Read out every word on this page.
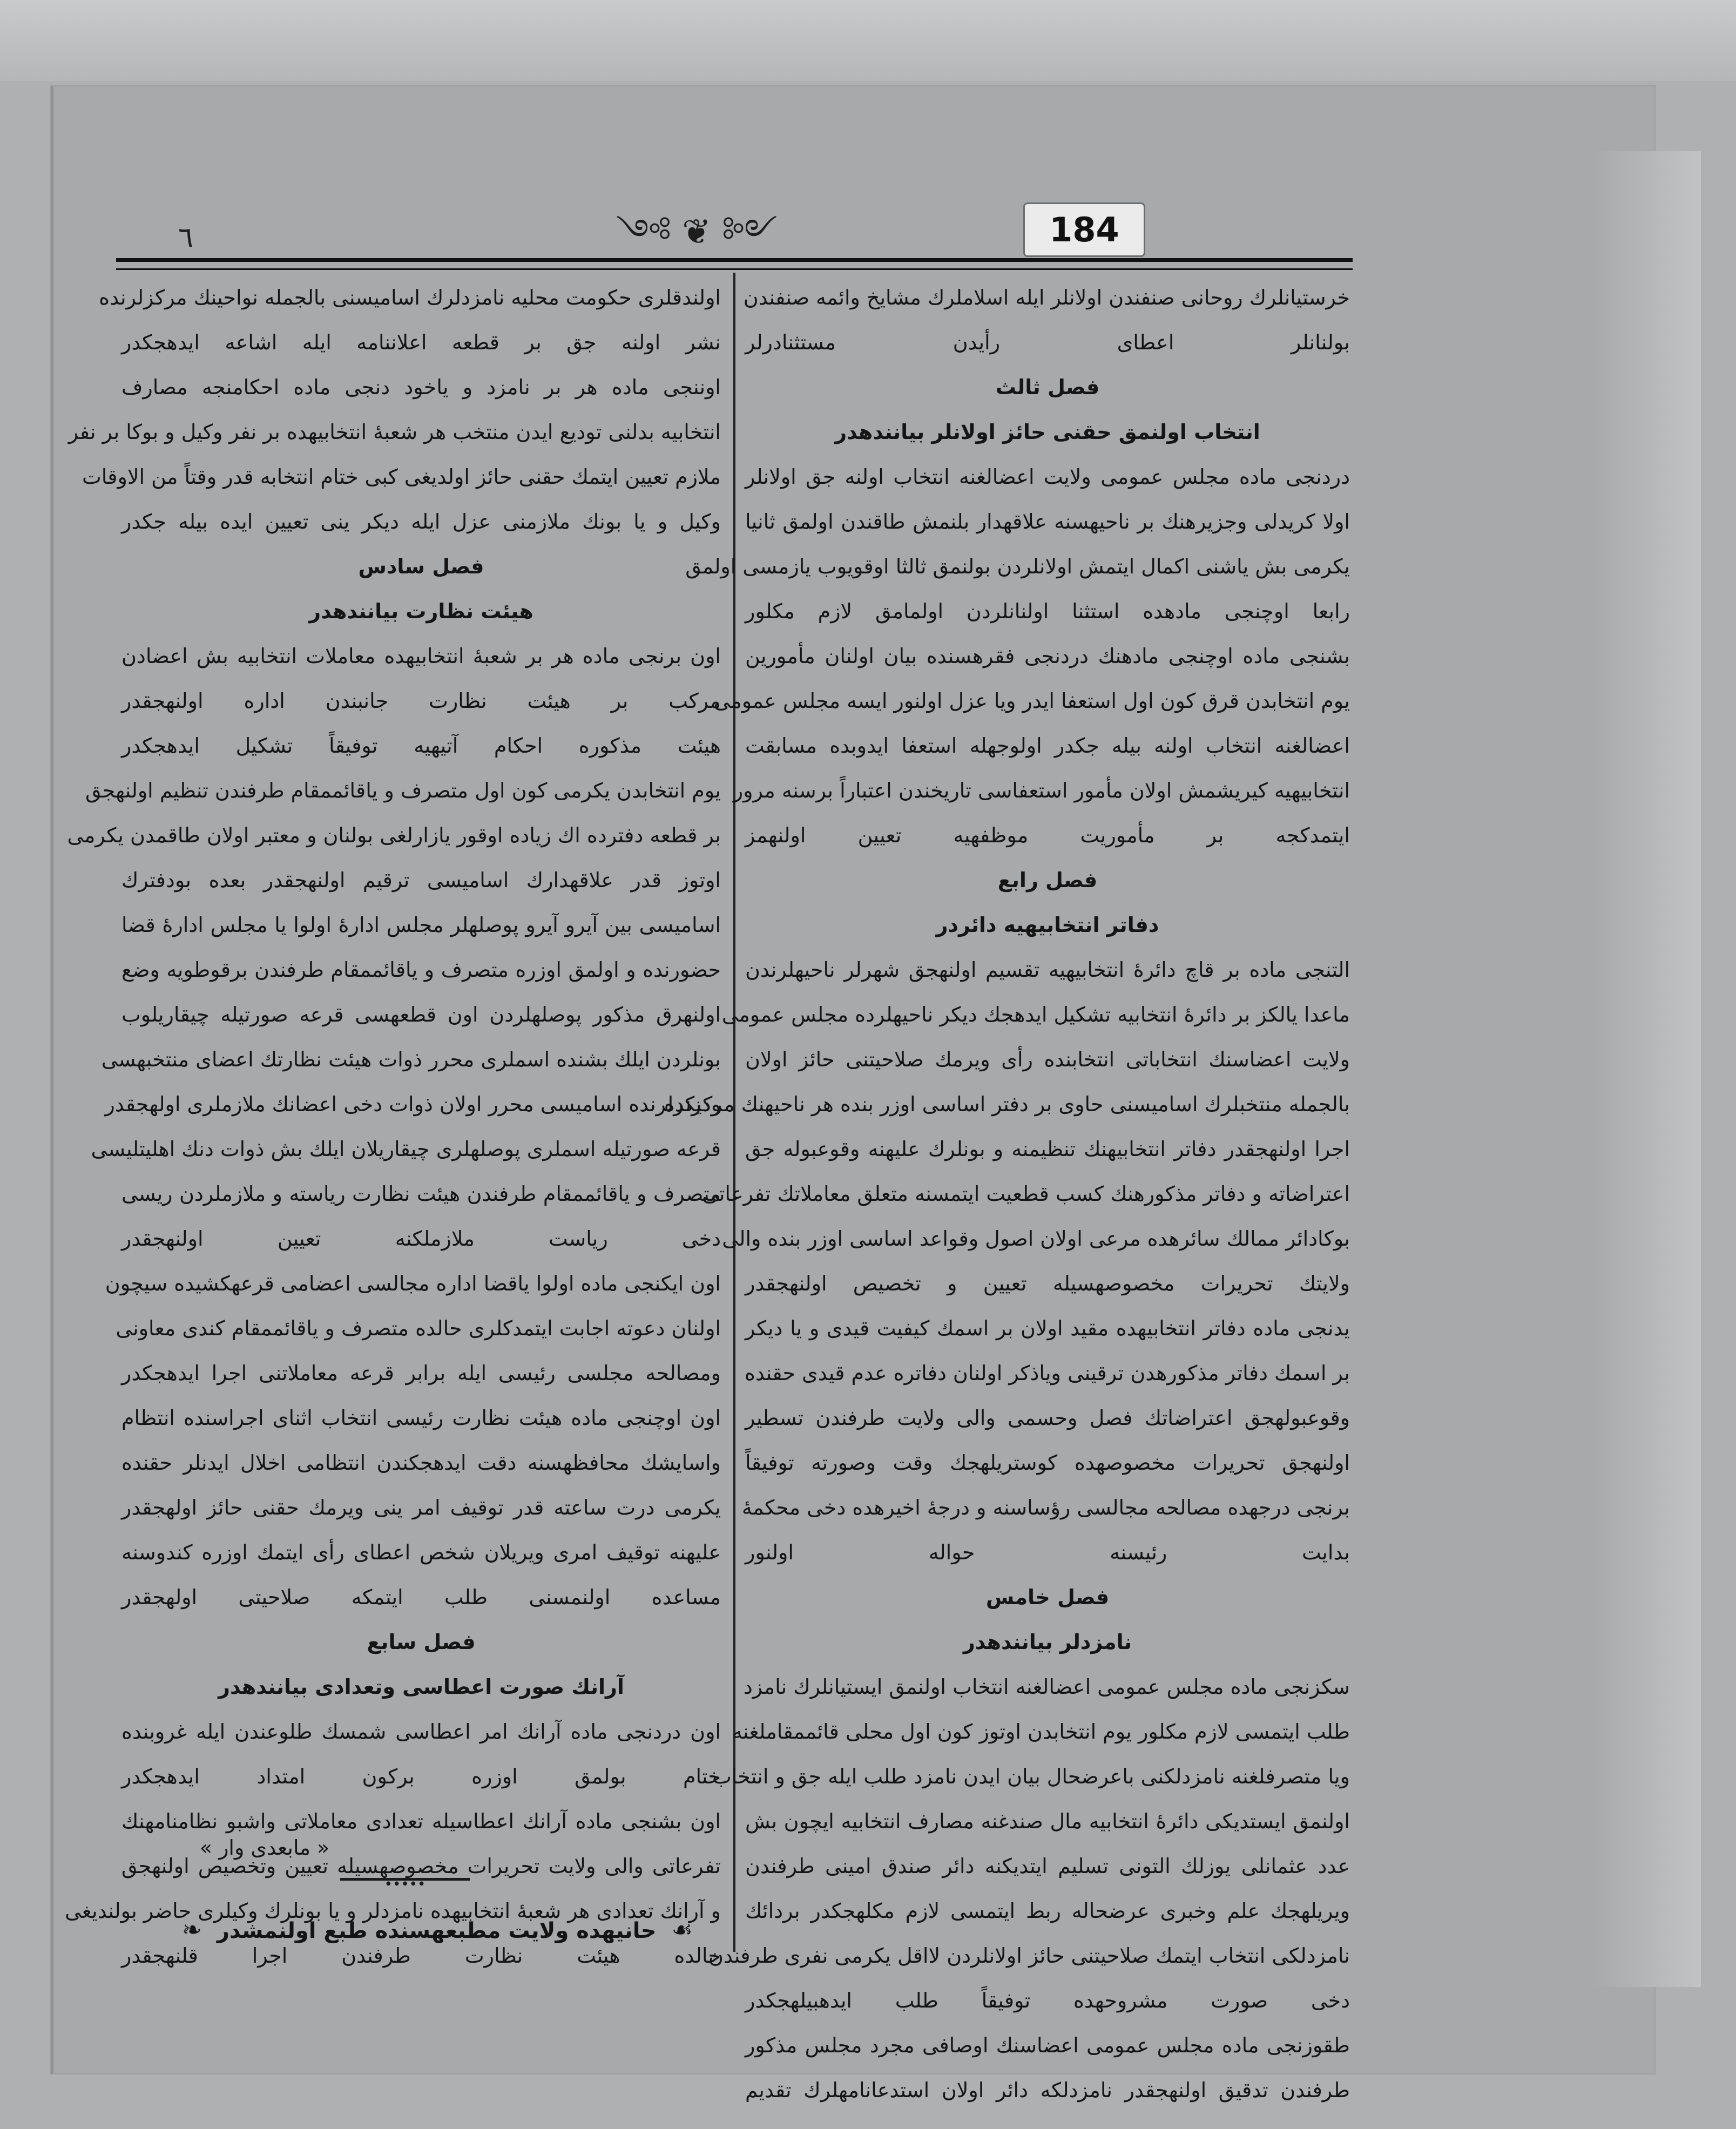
٦	༺ ❦ ༻	184
خرستیانلرك روحانی صنفندن اولانلر ایله اسلاملرك مشایخ وائمه صنفندن
بولنانلر اعطای رأیدن مستثنادرلر
فصل ثالث
انتخاب اولنمق حقنی حائز اولانلر بیانندهدر
دردنجی ماده مجلس عمومی ولایت اعضالغنه انتخاب اولنه جق اولانلر
اولا کریدلی وجزیرهنك بر ناحیهسنه علاقهدار بلنمش طاقندن اولمق ثانیا
یکرمی بش یاشنی اکمال ایتمش اولانلردن بولنمق ثالثا اوقویوب یازمسی اولمق
رابعا اوچنجی مادهده استثنا اولنانلردن اولمامق لازم مکلور
بشنجی ماده اوچنجی مادهنك دردنجی فقرهسنده بیان اولنان مأمورین
یوم انتخابدن قرق کون اول استعفا ایدر ویا عزل اولنور ایسه مجلس عمومی
اعضالغنه انتخاب اولنه بیله جکدر اولوجهله استعفا ایدوبده مسابقت
انتخابیهیه کیریشمش اولان مأمور استعفاسی تاریخندن اعتباراً برسنه مرور
ایتمدکجه بر مأموریت موظفهیه تعیین اولنهمز
فصل رابع
دفاتر انتخابیهیه دائردر
التنجی ماده بر قاچ دائرهٔ انتخابیهیه تقسیم اولنهجق شهرلر ناحیهلرندن
ماعدا یالکز بر دائرهٔ انتخابیه تشکیل ایدهجك دیکر ناحیهلرده مجلس عمومی
ولایت اعضاسنك انتخاباتی انتخابنده رأی ویرمك صلاحیتنی حائز اولان
بالجمله منتخبلرك اسامیسنی حاوی بر دفتر اساسی اوزر بنده هر ناحیهنك مرکزنده
اجرا اولنهجقدر دفاتر انتخابیهنك تنظیمنه و بونلرك علیهنه وقوعبوله جق
اعتراضاته و دفاتر مذکورهنك کسب قطعیت ایتمسنه متعلق معاملاتك تفرعاتی
بوکادائر ممالك سائرهده مرعی اولان اصول وقواعد اساسی اوزر بنده والی
ولایتك تحریرات مخصوصهسیله تعیین و تخصیص اولنهجقدر
یدنجی ماده دفاتر انتخابیهده مقید اولان بر اسمك کیفیت قیدی و یا دیکر
بر اسمك دفاتر مذکورهدن ترقینی ویاذکر اولنان دفاتره عدم قیدی حقنده
وقوعبولهجق اعتراضاتك فصل وحسمی والی ولایت طرفندن تسطیر
اولنهجق تحریرات مخصوصهده کوستریلهجك وقت وصورته توفیقاً
برنجی درجهده مصالحه مجالسی رؤساسنه و درجهٔ اخیرهده دخی محکمهٔ
بدایت رئیسنه حواله اولنور
فصل خامس
نامزدلر بیانندهدر
سکزنجی ماده مجلس عمومی اعضالغنه انتخاب اولنمق ایستیانلرك نامزد
طلب ایتمسی لازم مکلور یوم انتخابدن اوتوز کون اول محلی قائممقاملغنه
ویا متصرفلغنه نامزدلکنی باعرضحال بیان ایدن نامزد طلب ایله جق و انتخاب
اولنمق ایستدیکی دائرهٔ انتخابیه مال صندغنه مصارف انتخابیه ایچون بش
عدد عثمانلی یوزلك التونی تسلیم ایتدیکنه دائر صندق امینی طرفندن
ویریلهجك علم وخبری عرضحاله ربط ایتمسی لازم مکلهجکدر بردائك
نامزدلکی انتخاب ایتمك صلاحیتنی حائز اولانلردن لااقل یکرمی نفری طرفندن
دخی صورت مشروحهده توفیقاً طلب ایدهبیلهجکدر
طقوزنجی ماده مجلس عمومی اعضاسنك اوصافی مجرد مجلس مذکور
طرفندن تدقیق اولنهجقدر نامزدلکه دائر اولان استدعانامهلرك تقدیم
اولندقلری حکومت محلیه نامزدلرك اسامیسنی بالجمله نواحینك مرکزلرنده
نشر اولنه جق بر قطعه اعلاننامه ایله اشاعه ایدهجکدر
اوننجی ماده هر بر نامزد و یاخود دنجی ماده احکامنجه مصارف
انتخابیه بدلنی تودیع ایدن منتخب هر شعبهٔ انتخابیهده بر نفر وکیل و بوکا بر نفر
ملازم تعیین ایتمك حقنی حائز اولدیغی کبی ختام انتخابه قدر وقتاً من الاوقات
وکیل و یا بونك ملازمنی عزل ایله دیکر ینی تعیین ایده بیله جکدر
فصل سادس
هیئت نظارت بیانندهدر
اون برنجی ماده هر بر شعبهٔ انتخابیهده معاملات انتخابیه بش اعضادن
مرکب بر هیئت نظارت جانبندن اداره اولنهجقدر
هیئت مذکوره احکام آتیهیه توفیقاً تشکیل ایدهجکدر
یوم انتخابدن یکرمی کون اول متصرف و یاقائممقام طرفندن تنظیم اولنهجق
بر قطعه دفترده اك زیاده اوقور یازارلغی بولنان و معتبر اولان طاقمدن یکرمی
اوتوز قدر علاقهدارك اسامیسی ترقیم اولنهجقدر بعده بودفترك
اسامیسی بین آیرو آیرو پوصلهلر مجلس ادارهٔ اولوا یا مجلس ادارهٔ قضا
حضورنده و اولمق اوزره متصرف و یاقائممقام طرفندن برقوطویه وضع
اولنهرق مذکور پوصلهلردن اون قطعهسی قرعه صورتیله چیقاریلوب
بونلردن ایلك بشنده اسملری محرر ذوات هیئت نظارتك اعضای منتخبهسی
ودیکرلرنده اسامیسی محرر اولان ذوات دخی اعضانك ملازملری اولهجقدر
قرعه صورتیله اسملری پوصلهلری چیقاریلان ایلك بش ذوات دنك اهلیتلیسی
متصرف و یاقائممقام طرفندن هیئت نظارت ریاسته و ملازملردن ریسی
دخی ریاست ملازملکنه تعیین اولنهجقدر
اون ایکنجی ماده اولوا یاقضا اداره مجالسی اعضامی قرعهکشیده سیچون
اولنان دعوته اجابت ایتمدکلری حالده متصرف و یاقائممقام کندی معاونی
ومصالحه مجلسی رئیسی ایله برابر قرعه معاملاتنی اجرا ایدهجکدر
اون اوچنجی ماده هیئت نظارت رئیسی انتخاب اثنای اجراسنده انتظام
واسایشك محافظهسنه دقت ایدهجکندن انتظامی اخلال ایدنلر حقنده
یکرمی درت ساعته قدر توقیف امر ینی ویرمك حقنی حائز اولهجقدر
علیهنه توقیف امری ویریلان شخص اعطای رأی ایتمك اوزره کندوسنه
مساعده اولنمسنی طلب ایتمکه صلاحیتی اولهجقدر
فصل سابع
آرانك صورت اعطاسی وتعدادی بیانندهدر
اون دردنجی ماده آرانك امر اعطاسی شمسك طلوعندن ایله غروبنده
ختام بولمق اوزره برکون امتداد ایدهجکدر
اون بشنجی ماده آرانك اعطاسیله تعدادی معاملاتی واشبو نظامنامهنك
تفرعاتی والی ولایت تحریرات مخصوصهسیله تعیین وتخصیص اولنهجق
و آرانك تعدادی هر شعبهٔ انتخابیهده نامزدلر و یا بونلرك وکیلری حاضر بولندیغی
حالده هیئت نظارت طرفندن اجرا قلنهجقدر
« مابعدی وار »
•••••
☙ حانیهده ولایت مطبعهسنده طبع اولنمشدر ❧
